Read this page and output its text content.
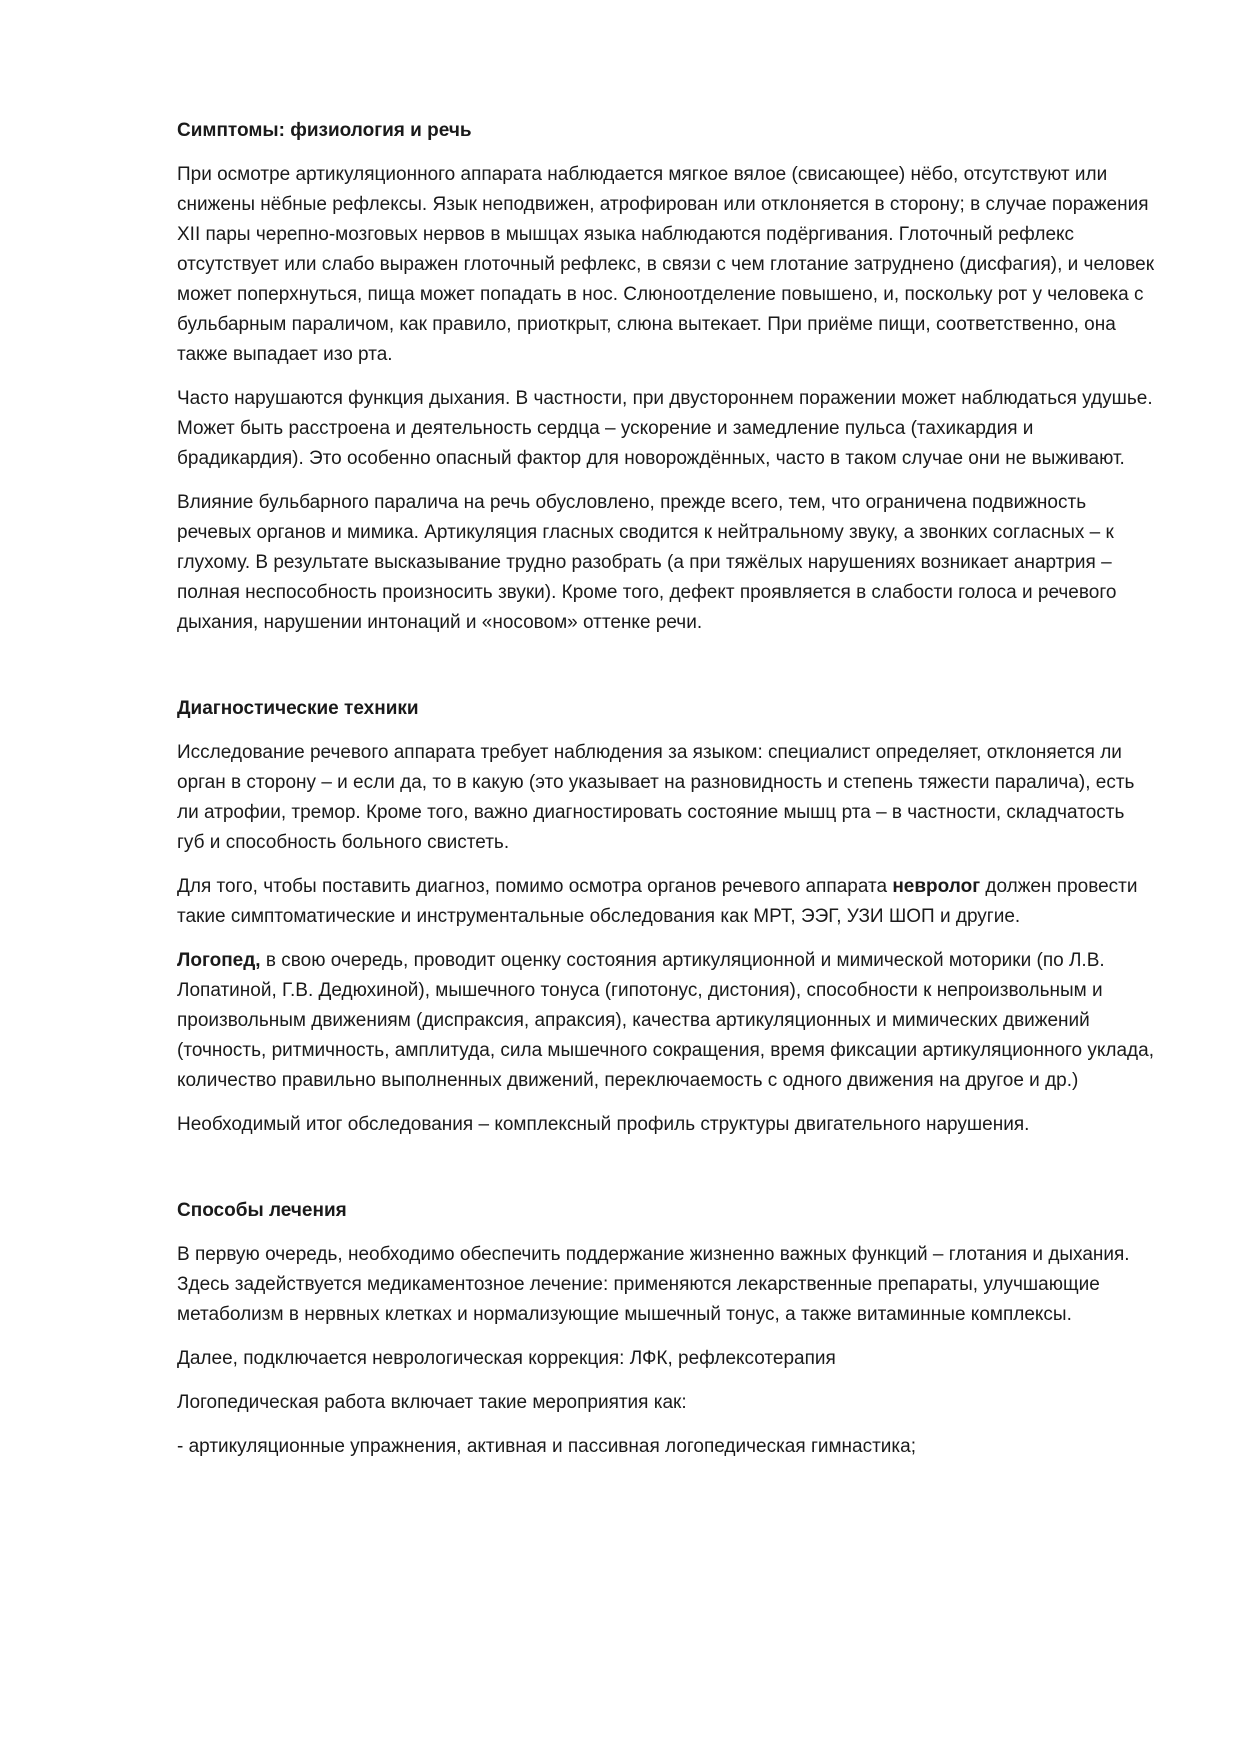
Симптомы: физиология и речь
При осмотре артикуляционного аппарата наблюдается мягкое вялое (свисающее) нёбо, отсутствуют или снижены нёбные рефлексы. Язык неподвижен, атрофирован или отклоняется в сторону; в случае поражения XII пары черепно-мозговых нервов в мышцах языка наблюдаются подёргивания. Глоточный рефлекс отсутствует или слабо выражен глоточный рефлекс, в связи с чем глотание затруднено (дисфагия), и человек может поперхнуться, пища может попадать в нос. Слюноотделение повышено, и, поскольку рот у человека с бульбарным параличом, как правило, приоткрыт, слюна вытекает. При приёме пищи, соответственно, она также выпадает изо рта.
Часто нарушаются функция дыхания. В частности, при двустороннем поражении может наблюдаться удушье. Может быть расстроена и деятельность сердца – ускорение и замедление пульса (тахикардия и брадикардия). Это особенно опасный фактор для новорождённых, часто в таком случае они не выживают.
Влияние бульбарного паралича на речь обусловлено, прежде всего, тем, что ограничена подвижность речевых органов и мимика. Артикуляция гласных сводится к нейтральному звуку, а звонких согласных – к глухому. В результате высказывание трудно разобрать (а при тяжёлых нарушениях возникает анартрия – полная неспособность произносить звуки). Кроме того, дефект проявляется в слабости голоса и речевого дыхания, нарушении интонаций и «носовом» оттенке речи.
Диагностические техники
Исследование речевого аппарата требует наблюдения за языком: специалист определяет, отклоняется ли орган в сторону – и если да, то в какую (это указывает на разновидность и степень тяжести паралича), есть ли атрофии, тремор. Кроме того, важно диагностировать состояние мышц рта – в частности, складчатость губ и способность больного свистеть.
Для того, чтобы поставить диагноз, помимо осмотра органов речевого аппарата невролог должен провести такие симптоматические и инструментальные обследования как МРТ, ЭЭГ, УЗИ ШОП и другие.
Логопед, в свою очередь, проводит оценку состояния артикуляционной и мимической моторики (по Л.В. Лопатиной, Г.В. Дедюхиной), мышечного тонуса (гипотонус, дистония), способности к непроизвольным и произвольным движениям (диспраксия, апраксия), качества артикуляционных и мимических движений (точность, ритмичность, амплитуда, сила мышечного сокращения, время фиксации артикуляционного уклада, количество правильно выполненных движений, переключаемость с одного движения на другое и др.)
Необходимый итог обследования – комплексный профиль структуры двигательного нарушения.
Способы лечения
В первую очередь, необходимо обеспечить поддержание жизненно важных функций – глотания и дыхания. Здесь задействуется медикаментозное лечение: применяются лекарственные препараты, улучшающие метаболизм в нервных клетках и нормализующие мышечный тонус, а также витаминные комплексы.
Далее, подключается неврологическая коррекция: ЛФК, рефлексотерапия
Логопедическая работа включает такие мероприятия как:
- артикуляционные упражнения, активная и пассивная логопедическая гимнастика;
